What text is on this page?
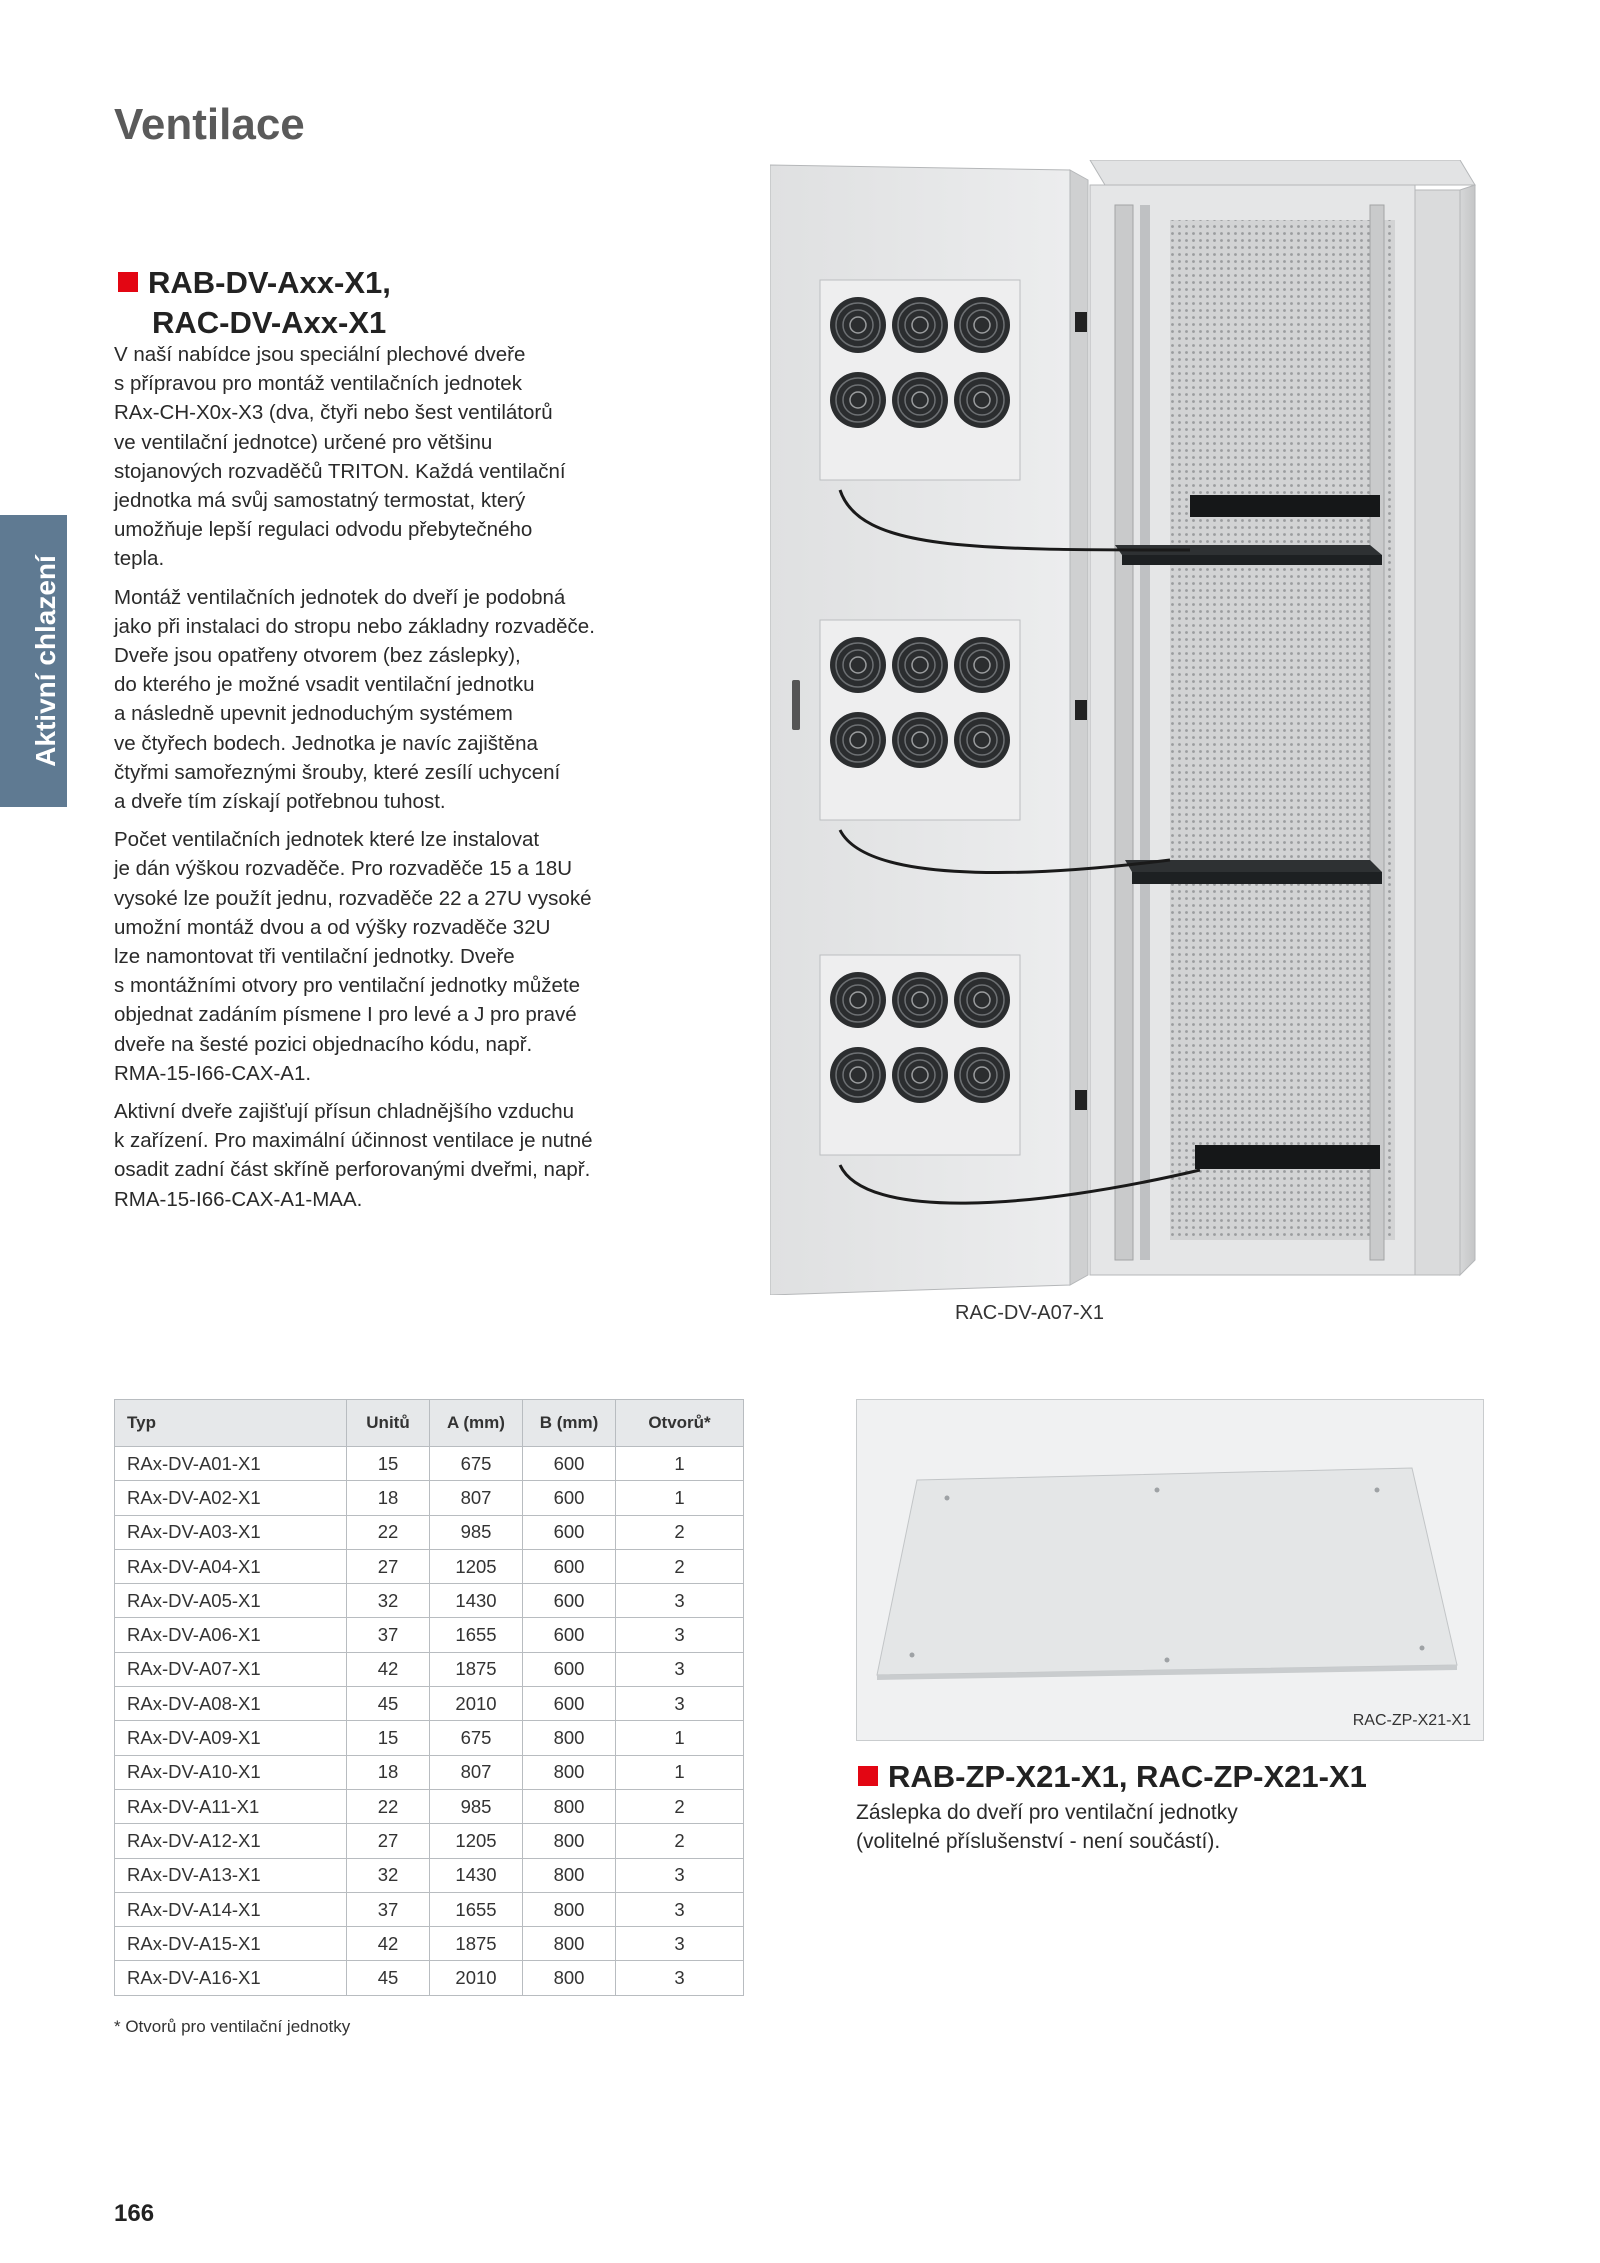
Ventilace
Aktivní chlazení
RAB-DV-Axx-X1,
RAC-DV-Axx-X1

V naší nabídce jsou speciální plechové dveře
s přípravou pro montáž ventilačních jednotek
RAx-CH-X0x-X3 (dva, čtyři nebo šest ventilátorů
ve ventilační jednotce) určené pro většinu
stojanových rozvaděčů TRITON. Každá ventilační
jednotka má svůj samostatný termostat, který
umožňuje lepší regulaci odvodu přebytečného
tepla.

Montáž ventilačních jednotek do dveří je podobná
jako při instalaci do stropu nebo základny rozvaděče.
Dveře jsou opatřeny otvorem (bez záslepky),
do kterého je možné vsadit ventilační jednotku
a následně upevnit jednoduchým systémem
ve čtyřech bodech. Jednotka je navíc zajištěna
čtyřmi samořeznými šrouby, které zesílí uchycení
a dveře tím získají potřebnou tuhost.

Počet ventilačních jednotek které lze instalovat
je dán výškou rozvaděče. Pro rozvaděče 15 a 18U
vysoké lze použít jednu, rozvaděče 22 a 27U vysoké
umožní montáž dvou a od výšky rozvaděče 32U
lze namontovat tři ventilační jednotky. Dveře
s montážními otvory pro ventilační jednotky můžete
objednat zadáním písmene I pro levé a J pro pravé
dveře na šesté pozici objednacího kódu, např.
RMA-15-I66-CAX-A1.

Aktivní dveře zajišťují přísun chladnějšího vzduchu
k zařízení. Pro maximální účinnost ventilace je nutné
osadit zadní část skříně perforovanými dveřmi, např.
RMA-15-I66-CAX-A1-MAA.

RAC-DV-A07-X1
Typ	Unitů	A (mm)	B (mm)	Otvorů*
RAx-DV-A01-X1	15	675	600	1
RAx-DV-A02-X1	18	807	600	1
RAx-DV-A03-X1	22	985	600	2
RAx-DV-A04-X1	27	1205	600	2
RAx-DV-A05-X1	32	1430	600	3
RAx-DV-A06-X1	37	1655	600	3
RAx-DV-A07-X1	42	1875	600	3
RAx-DV-A08-X1	45	2010	600	3
RAx-DV-A09-X1	15	675	800	1
RAx-DV-A10-X1	18	807	800	1
RAx-DV-A11-X1	22	985	800	2
RAx-DV-A12-X1	27	1205	800	2
RAx-DV-A13-X1	32	1430	800	3
RAx-DV-A14-X1	37	1655	800	3
RAx-DV-A15-X1	42	1875	800	3
RAx-DV-A16-X1	45	2010	800	3
* Otvorů pro ventilační jednotky
RAC-ZP-X21-X1
RAB-ZP-X21-X1, RAC-ZP-X21-X1
Záslepka do dveří pro ventilační jednotky
(volitelné příslušenství - není součástí).
166
